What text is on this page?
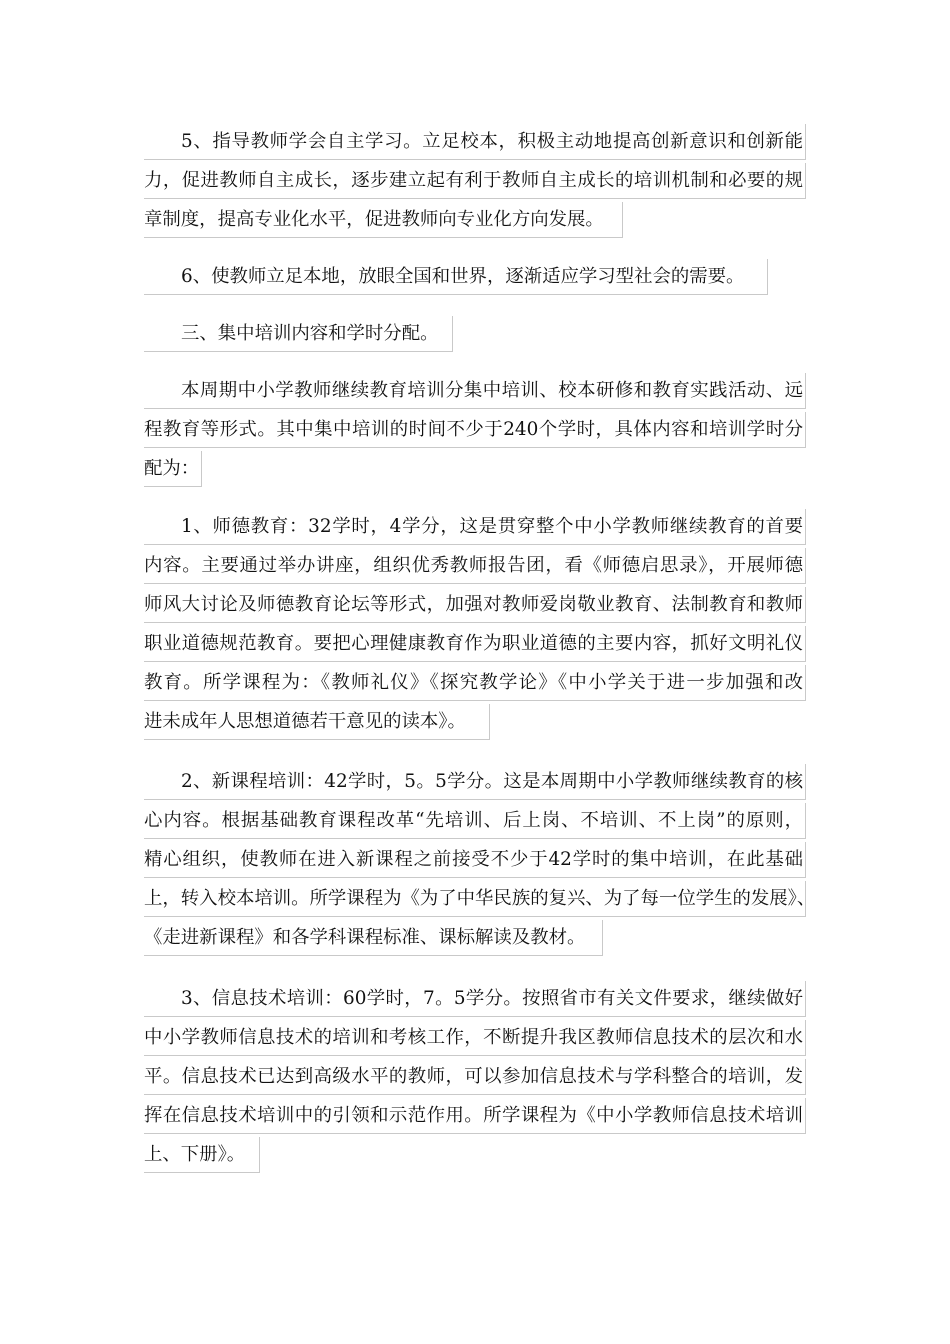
5、指导教师学会自主学习。立足校本，积极主动地提高创新意识和创新能
力，促进教师自主成长，逐步建立起有利于教师自主成长的培训机制和必要的规
章制度，提高专业化水平，促进教师向专业化方向发展。
6、使教师立足本地，放眼全国和世界，逐渐适应学习型社会的需要。
三、集中培训内容和学时分配。
本周期中小学教师继续教育培训分集中培训、校本研修和教育实践活动、远
程教育等形式。其中集中培训的时间不少于240个学时，具体内容和培训学时分
配为：
1、师德教育：32学时，4学分，这是贯穿整个中小学教师继续教育的首要
内容。主要通过举办讲座，组织优秀教师报告团，看《师德启思录》，开展师德
师风大讨论及师德教育论坛等形式，加强对教师爱岗敬业教育、法制教育和教师
职业道德规范教育。要把心理健康教育作为职业道德的主要内容，抓好文明礼仪
教育。所学课程为：《教师礼仪》《探究教学论》《中小学关于进一步加强和改
进未成年人思想道德若干意见的读本》。
2、新课程培训：42学时，5。5学分。这是本周期中小学教师继续教育的核
心内容。根据基础教育课程改革“先培训、后上岗、不培训、不上岗”的原则，
精心组织，使教师在进入新课程之前接受不少于42学时的集中培训，在此基础
上，转入校本培训。所学课程为《为了中华民族的复兴、为了每一位学生的发展》、
《走进新课程》和各学科课程标准、课标解读及教材。
3、信息技术培训：60学时，7。5学分。按照省市有关文件要求，继续做好
中小学教师信息技术的培训和考核工作，不断提升我区教师信息技术的层次和水
平。信息技术已达到高级水平的教师，可以参加信息技术与学科整合的培训，发
挥在信息技术培训中的引领和示范作用。所学课程为《中小学教师信息技术培训
上、下册》。
